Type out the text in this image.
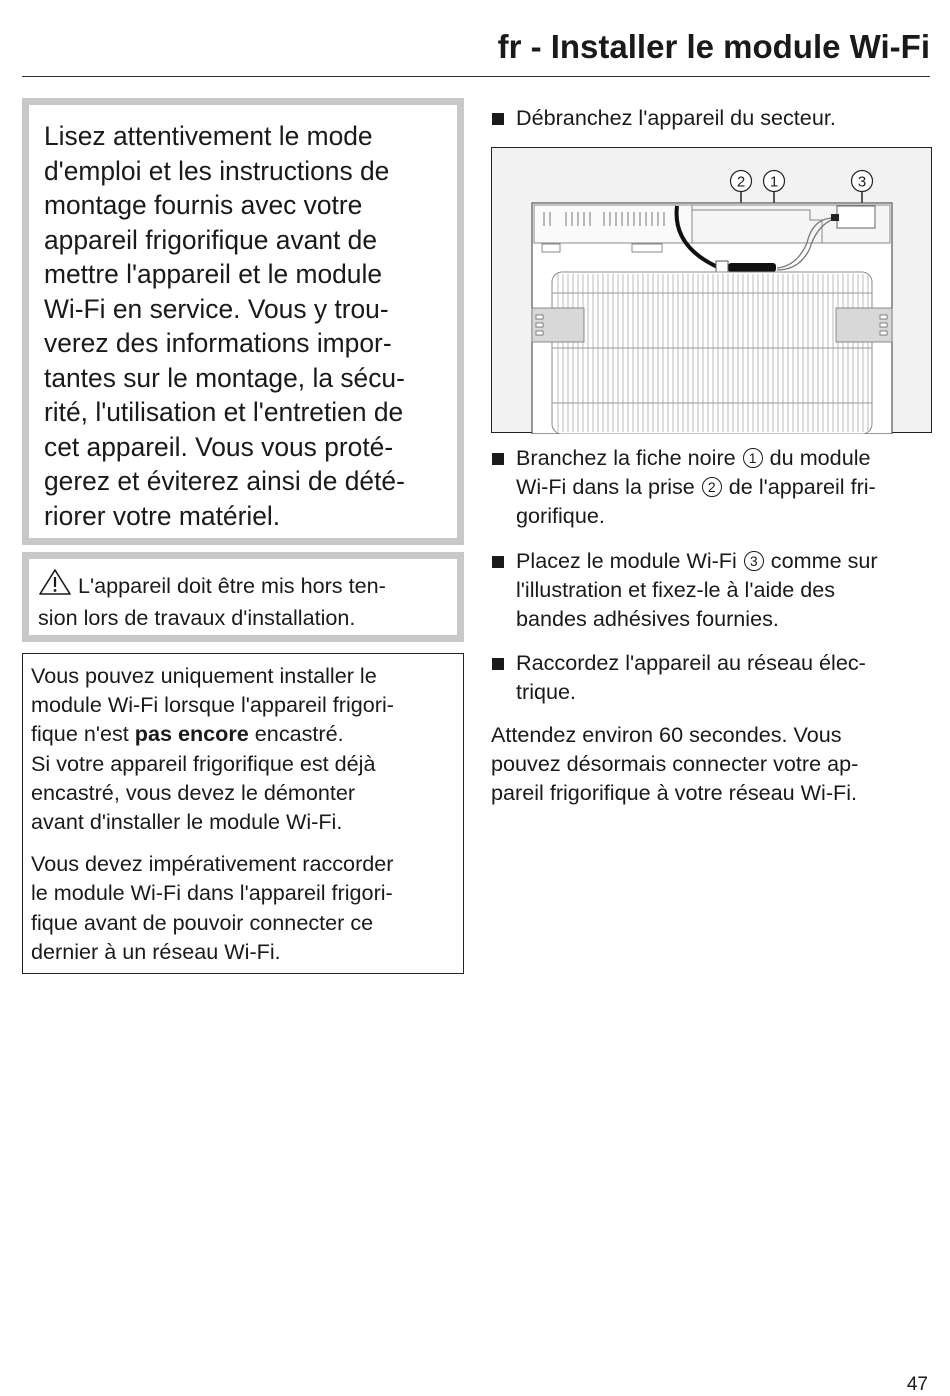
fr - Installer le module Wi-Fi

Lisez attentivement le mode
d'emploi et les instructions de
montage fournis avec votre
appareil frigorifique avant de
mettre l'appareil et le module
Wi-Fi en service. Vous y trou-
verez des informations impor-
tantes sur le montage, la sécu-
rité, l'utilisation et l'entretien de
cet appareil. Vous vous proté-
gerez et éviterez ainsi de dété-
riorer votre matériel.

L'appareil doit être mis hors ten-
sion lors de travaux d'installation.

Vous pouvez uniquement installer le
module Wi-Fi lorsque l'appareil frigori-
fique n'est pas encore encastré.
Si votre appareil frigorifique est déjà
encastré, vous devez le démonter
avant d'installer le module Wi-Fi.

Vous devez impérativement raccorder
le module Wi-Fi dans l'appareil frigori-
fique avant de pouvoir connecter ce
dernier à un réseau Wi-Fi.

Débranchez l'appareil du secteur.
2 1	3
Branchez la fiche noire 1 du module
Wi-Fi dans la prise 2 de l'appareil fri-
gorifique.
Placez le module Wi-Fi 3 comme sur
l'illustration et fixez-le à l'aide des
bandes adhésives fournies.
Raccordez l'appareil au réseau élec-
trique.
Attendez environ 60 secondes. Vous
pouvez désormais connecter votre ap-
pareil frigorifique à votre réseau Wi-Fi.
47
